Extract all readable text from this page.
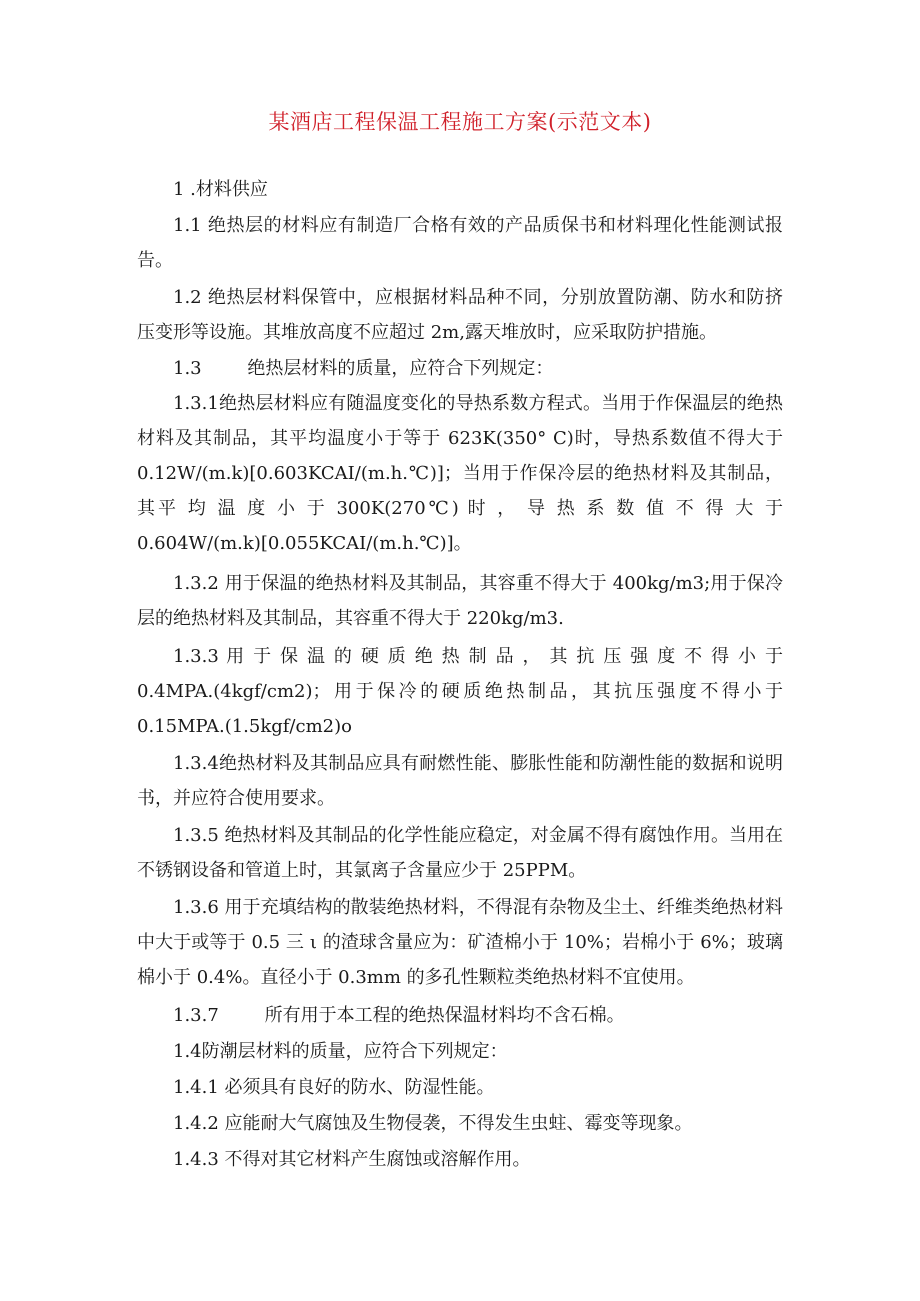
某酒店工程保温工程施工方案(示范文本)

1 .材料供应

1.1 绝热层的材料应有制造厂合格有效的产品质保书和材料理化性能测试报告。

1.2 绝热层材料保管中，应根据材料品种不同，分别放置防潮、防水和防挤压变形等设施。其堆放高度不应超过 2m,露天堆放时，应采取防护措施。

1.3        绝热层材料的质量，应符合下列规定：

1.3.1绝热层材料应有随温度变化的导热系数方程式。当用于作保温层的绝热材料及其制品，其平均温度小于等于 623K(350° C)时，导热系数值不得大于 0.12W/(m.k)[0.603KCAI/(m.h.℃)]；当用于作保冷层的绝热材料及其制品，其平 均 温 度 小 于 300K(270℃) 时 ， 导 热 系 数 值 不 得 大 于 0.604W/(m.k)[0.055KCAI/(m.h.℃)]。

1.3.2 用于保温的绝热材料及其制品，其容重不得大于 400kg/m3;用于保冷层的绝热材料及其制品，其容重不得大于 220kg/m3.

1.3.3 用 于 保 温 的 硬 质 绝 热 制 品 ， 其 抗 压 强 度 不 得 小 于 0.4MPA.(4kgf/cm2)；用于保冷的硬质绝热制品，其抗压强度不得小于 0.15MPA.(1.5kgf/cm2)o

1.3.4绝热材料及其制品应具有耐燃性能、膨胀性能和防潮性能的数据和说明书，并应符合使用要求。

1.3.5 绝热材料及其制品的化学性能应稳定，对金属不得有腐蚀作用。当用在不锈钢设备和管道上时，其氯离子含量应少于 25PPM。

1.3.6 用于充填结构的散装绝热材料，不得混有杂物及尘土、纤维类绝热材料中大于或等于 0.5 三 ι 的渣球含量应为：矿渣棉小于 10%；岩棉小于 6%；玻璃棉小于 0.4%。直径小于 0.3mm 的多孔性颗粒类绝热材料不宜使用。

1.3.7        所有用于本工程的绝热保温材料均不含石棉。

1.4防潮层材料的质量，应符合下列规定：

1.4.1 必须具有良好的防水、防湿性能。

1.4.2 应能耐大气腐蚀及生物侵袭，不得发生虫蛀、霉变等现象。

1.4.3 不得对其它材料产生腐蚀或溶解作用。
